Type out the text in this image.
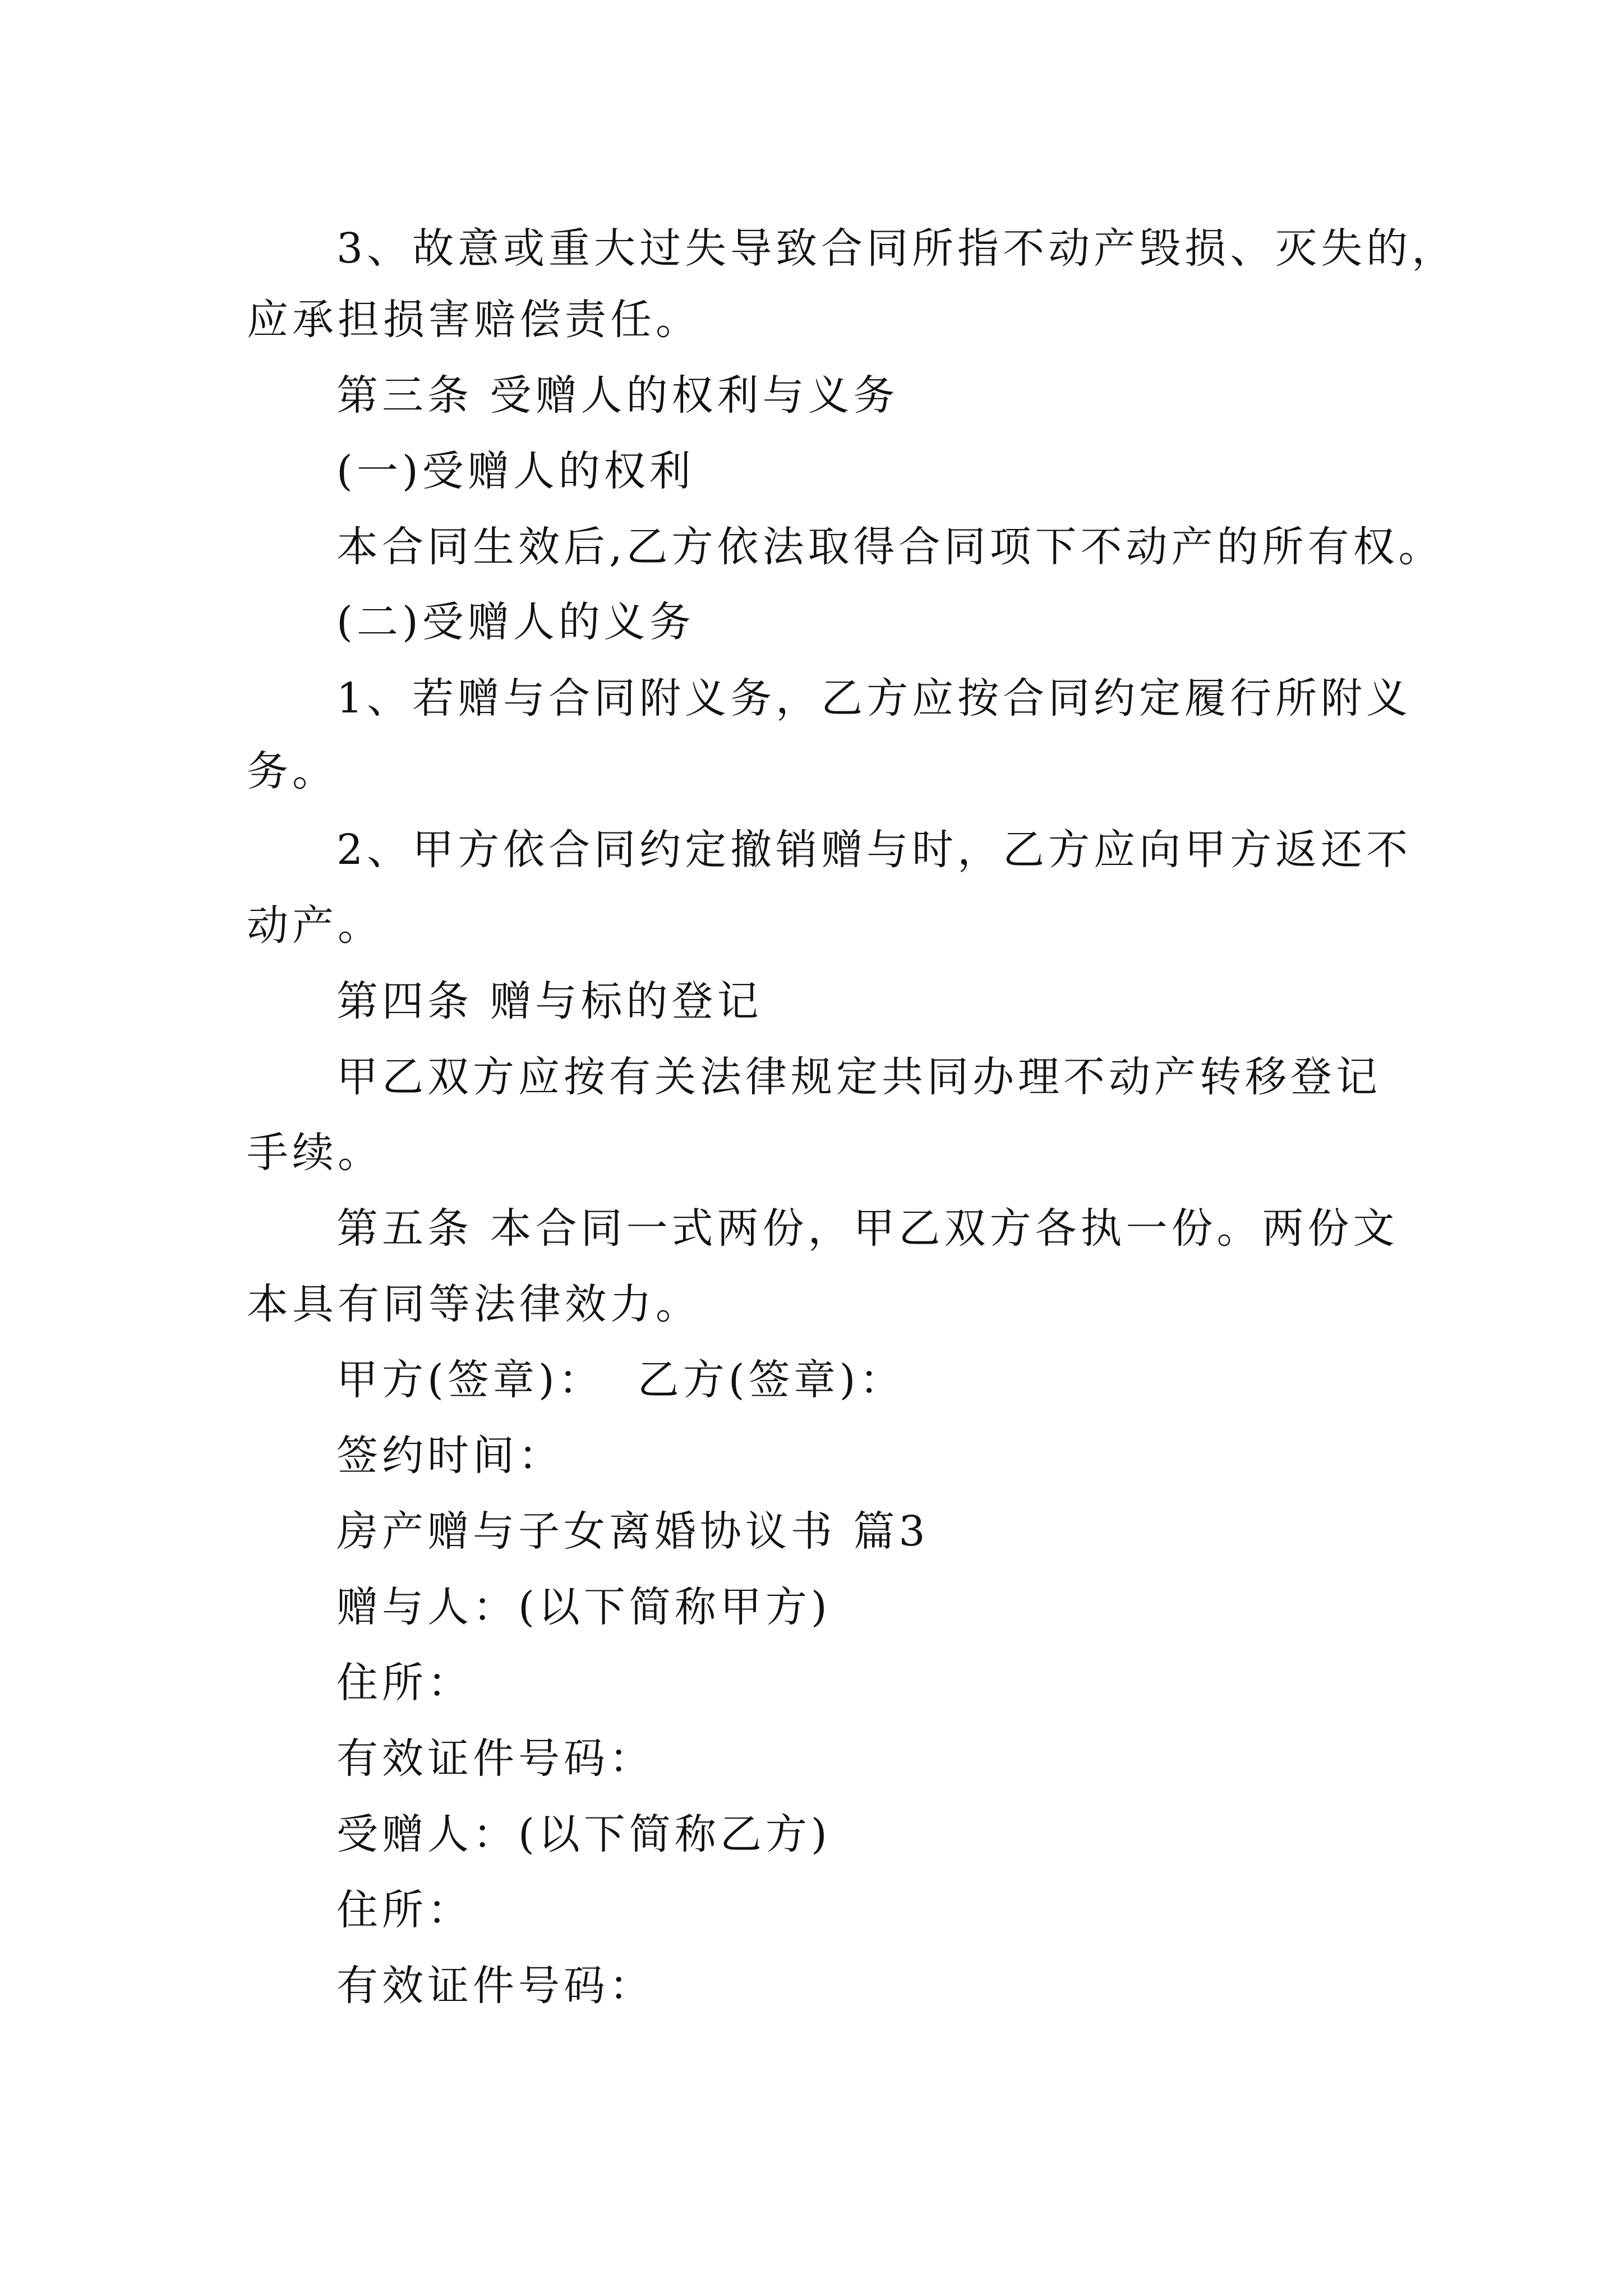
3、故意或重大过失导致合同所指不动产毁损、灭失的，
应承担损害赔偿责任。
第三条 受赠人的权利与义务
(一)受赠人的权利
本合同生效后,乙方依法取得合同项下不动产的所有权。
(二)受赠人的义务
1、若赠与合同附义务，乙方应按合同约定履行所附义
务。
2、甲方依合同约定撤销赠与时，乙方应向甲方返还不
动产。
第四条 赠与标的登记
甲乙双方应按有关法律规定共同办理不动产转移登记
手续。
第五条 本合同一式两份，甲乙双方各执一份。两份文
本具有同等法律效力。
甲方(签章)： 乙方(签章)：
签约时间：
房产赠与子女离婚协议书 篇3
赠与人：(以下简称甲方)
住所：
有效证件号码：
受赠人：(以下简称乙方)
住所：
有效证件号码：
